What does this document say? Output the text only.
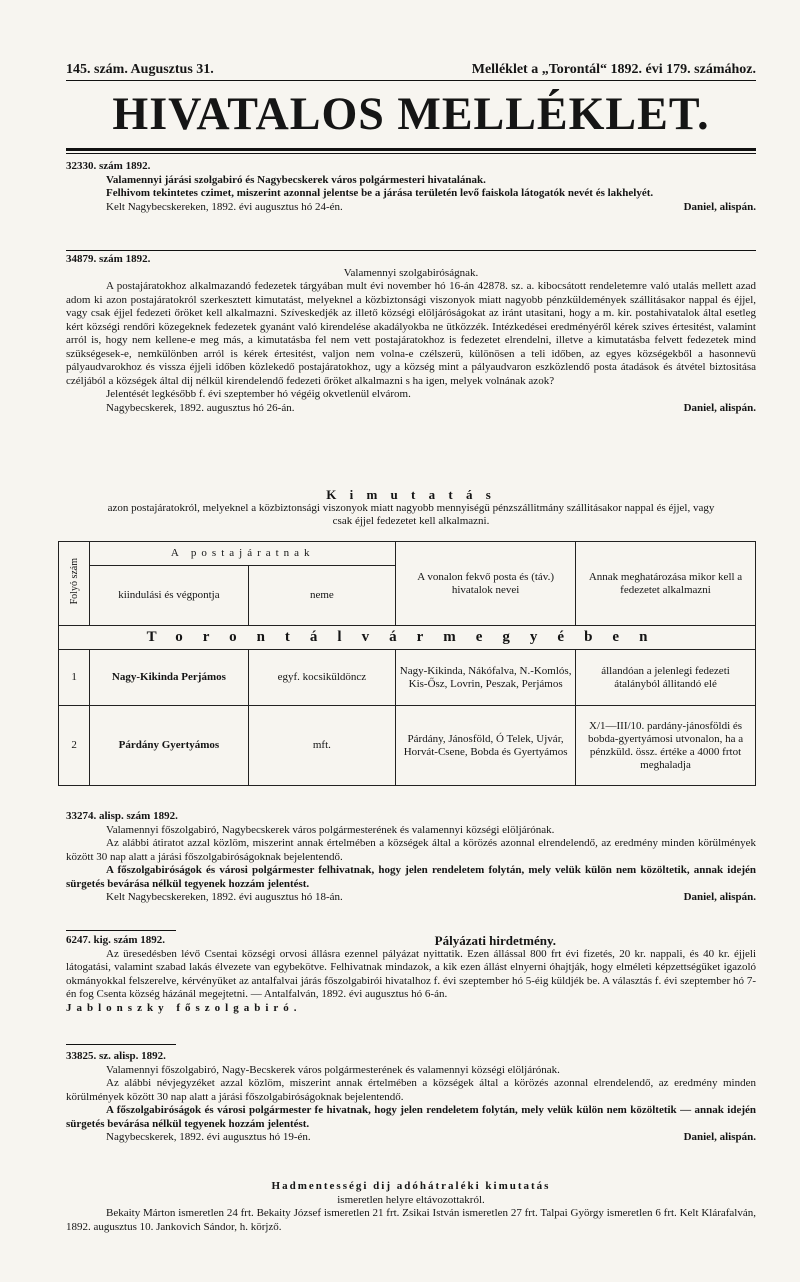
145. szám. Augusztus 31.	Melléklet a „Torontál“ 1892. évi 179. számához.
HIVATALOS MELLÉKLET.

32330. szám 1892.

Valamennyi járási szolgabiró és Nagybecskerek város polgármesteri hivatalának.

Felhivom tekintetes czimet, miszerint azonnal jelentse be a járása területén levő faiskola látogatók nevét és lakhelyét.

Kelt Nagybecskereken, 1892. évi augusztus hó 24-én.	Daniel, alispán.

34879. szám 1892.

Valamennyi szolgabiróságnak.

A postajáratokhoz alkalmazandó fedezetek tárgyában mult évi november hó 16-án 42878. sz. a. kibocsátott rendeletemre való utalás mellett azad adom ki azon postajáratokról szerkesztett kimutatást, melyeknel a közbiztonsági viszonyok miatt nagyobb pénzküldemények szállitásakor nappal és éjjel, vagy csak éjjel fedezeti őröket kell alkalmazni. Szíveskedjék az illető községi elöljáróságokat az iránt utasitani, hogy a m. kir. postahivatalok által esetleg kért községi rendőri közegeknek fedezetek gyanánt való kirendelése akadályokba ne ütközzék. Intézkedései eredményéről kérek szives értesitést, valamint arról is, hogy nem kellene-e meg más, a kimutatásba fel nem vett postajáratokhoz is fedezetet elrendelni, illetve a kimutatásba felvett fedezetek mind szükségesek-e, nemkülönben arról is kérek értesitést, valjon nem volna-e czélszerü, különösen a teli időben, az egyes községekből a hasonnevü pályaudvarokhoz és vissza éjjeli időben közlekedő postajáratokhoz, ugy a község mint a pályaudvaron eszközlendő posta átadások és átvétel biztositása czéljából a községek által dij nélkül kirendelendő fedezeti őröket alkalmazni s ha igen, melyek volnának azok?

Jelentését legkésőbb f. évi szeptember hó végéig okvetlenül elvárom.

Nagybecskerek, 1892. augusztus hó 26-án.	Daniel, alispán.

K i m u t a t á s

azon postajáratokról, melyeknel a közbiztonsági viszonyok miatt nagyobb mennyiségü pénzszállitmány szállitásakor nappal és éjjel, vagy csak éjjel fedezetet kell alkalmazni.

Folyó szám	A postajáratnak		A vonalon fekvő posta és (táv.) hivatalok nevei	Annak meghatározása mikor kell a fedezetet alkalmazni
	kiindulási és végpontja	neme		
Torontálvármegyében				
1	Nagy-Kikinda Perjámos	egyf. kocsiküldöncz	Nagy-Kikinda, Nákófalva, N.-Komlós, Kis-Ősz, Lovrin, Peszak, Perjámos	állandóan a jelenlegi fedezeti átalányból állitandó elé
2	Párdány Gyertyámos	mft.	Párdány, Jánosföld, Ó Telek, Ujvár, Horvát-Csene, Bobda és Gyertyámos	X/1—III/10. pardány-jánosföldi és bobda-gyertyámosi utvonalon, ha a pénzküld. össz. értéke a 4000 frtot meghaladja

33274. alisp. szám 1892.

Valamennyi főszolgabiró, Nagybecskerek város polgármesterének és valamennyi községi elöljárónak.

Az alábbi átiratot azzal közlöm, miszerint annak értelmében a községek által a körözés azonnal elrendelendő, az eredmény minden körülmények között 30 nap alatt a járási főszolgabiróságoknak bejelentendő.

A főszolgabiróságok és városi polgármester felhivatnak, hogy jelen rendeletem folytán, mely velük külön nem közöltetik, annak idején sürgetés bevárása nélkül tegyenek hozzám jelentést.

Kelt Nagybecskereken, 1892. évi augusztus hó 18-án.	Daniel, alispán.

6247. kig. szám 1892.	Pályázati hirdetmény.

Az üresedésben lévő Csentai községi orvosi állásra ezennel pályázat nyittatik. Ezen állással 800 frt évi fizetés, 20 kr. nappali, és 40 kr. éjjeli látogatási, valamint szabad lakás élvezete van egybekötve. Felhivatnak mindazok, a kik ezen állást elnyerni óhajtják, hogy elméleti képzettségüket igazoló okmányokkal felszerelve, kérvényüket az antalfalvai járás főszolgabirói hivatalhoz f. évi szeptember hó 5-éig küldjék be. A választás f. évi szeptember hó 7-én fog Csenta község házánál megejtetni. — Antalfalván, 1892. évi augusztus hó 6-án.

Jablonszky főszolgabiró.

33825. sz. alisp. 1892.

Valamennyi főszolgabiró, Nagy-Becskerek város polgármesterének és valamennyi községi elöljárónak.

Az alábbi névjegyzéket azzal közlöm, miszerint annak értelmében a községek által a körözés azonnal elrendelendő, az eredmény minden körülmények között 30 nap alatt a járási főszolgabiróságoknak bejelentendő.

A főszolgabiróságok és városi polgármester fe hivatnak, hogy jelen rendeletem folytán, mely velük külön nem közöltetik — annak idején sürgetés bevárása nélkül tegyenek hozzám jelentést.

Nagybecskerek, 1892. évi augusztus hó 19-én.	Daniel, alispán.

Hadmentességi dij adóhátraléki kimutatás

ismeretlen helyre eltávozottakról.

Bekaity Márton ismeretlen 24 frt. Bekaity József ismeretlen 21 frt. Zsikai István ismeretlen 27 frt. Talpai György ismeretlen 6 frt. Kelt Klárafalván, 1892. augusztus 10. Jankovich Sándor, h. körjző.
